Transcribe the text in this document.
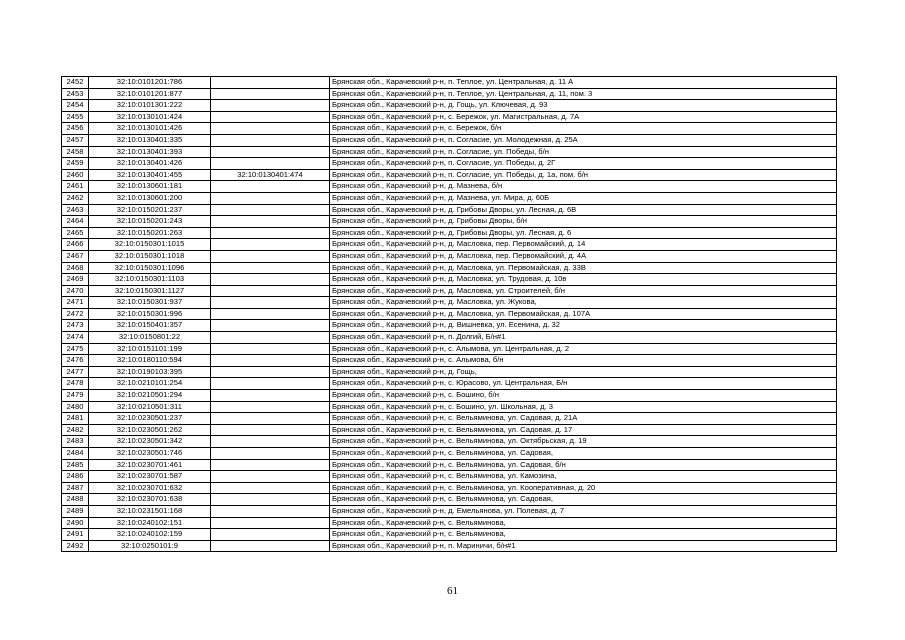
2452	32:10:0101201:786		Брянская обл., Карачевский р-н, п. Теплое, ул. Центральная, д. 11 А
2453	32:10:0101201:877		Брянская обл., Карачевский р-н, п. Теплое, ул. Центральная, д. 11, пом. 3
2454	32:10:0101301:222		Брянская обл., Карачевский р-н, д. Гощь, ул. Ключевая, д. 93
2455	32:10:0130101:424		Брянская обл., Карачевский р-н, с. Бережок, ул. Магистральная, д. 7А
2456	32:10:0130101:426		Брянская обл., Карачевский р-н, с. Бережок, б/н
2457	32:10:0130401:335		Брянская обл., Карачевский р-н, п. Согласие, ул. Молодежная, д. 25А
2458	32:10:0130401:393		Брянская обл., Карачевский р-н, п. Согласие, ул. Победы, б/н
2459	32:10:0130401:426		Брянская обл., Карачевский р-н, п. Согласие, ул. Победы, д. 2Г
2460	32:10:0130401:455	32:10:0130401:474	Брянская обл., Карачевский р-н, п. Согласие, ул. Победы, д. 1а, пом. б/н
2461	32:10:0130601:181		Брянская обл., Карачевский р-н, д. Мазнева, б/н
2462	32:10:0130601:200		Брянская обл., Карачевский р-н, д. Мазнева, ул. Мира, д. 60Б
2463	32:10:0150201:237		Брянская обл., Карачевский р-н, д. Грибовы Дворы, ул. Лесная, д. 6В
2464	32:10:0150201:243		Брянская обл., Карачевский р-н, д. Грибовы Дворы, б/н
2465	32:10:0150201:263		Брянская обл., Карачевский р-н, д. Грибовы Дворы, ул. Лесная, д. 6
2466	32:10:0150301:1015		Брянская обл., Карачевский р-н, д. Масловка, пер. Первомайский, д. 14
2467	32:10:0150301:1018		Брянская обл., Карачевский р-н, д. Масловка, пер. Первомайский, д. 4А
2468	32:10:0150301:1096		Брянская обл., Карачевский р-н, д. Масловка, ул. Первомайская, д. 33В
2469	32:10:0150301:1103		Брянская обл., Карачевский р-н, д. Масловка, ул. Трудовая, д. 10в
2470	32:10:0150301:1127		Брянская обл., Карачевский р-н, д. Масловка, ул. Строителей, б/н
2471	32:10:0150301:937		Брянская обл., Карачевский р-н, д. Масловка, ул. Жукова,
2472	32:10:0150301:996		Брянская обл., Карачевский р-н, д. Масловка, ул. Первомайская, д. 107А
2473	32:10:0150401:357		Брянская обл., Карачевский р-н, д. Вишневка, ул. Есенина, д. 32
2474	32:10:0150801:22		Брянская обл., Карачевский р-н, п. Долгий, Б/н#1
2475	32:10:0151101:199		Брянская обл., Карачевский р-н, с. Алымова, ул. Центральная, д. 2
2476	32:10:0180110:594		Брянская обл., Карачевский р-н, с. Алымова, б/н
2477	32:10:0190103:395		Брянская обл., Карачевский р-н, д. Гощь,
2478	32:10:0210101:254		Брянская обл., Карачевский р-н, с. Юрасово, ул. Центральная, Б/н
2479	32:10:0210501:294		Брянская обл., Карачевский р-н, с. Бошино, б/н
2480	32:10:0210501:311		Брянская обл., Карачевский р-н, с. Бошино, ул. Школьная, д. 3
2481	32:10:0230501:237		Брянская обл., Карачевский р-н, с. Вельяминова, ул. Садовая, д. 21А
2482	32:10:0230501:262		Брянская обл., Карачевский р-н, с. Вельяминова, ул. Садовая, д. 17
2483	32:10:0230501:342		Брянская обл., Карачевский р-н, с. Вельяминова, ул. Октябрьская, д. 19
2484	32:10:0230501:746		Брянская обл., Карачевский р-н, с. Вельяминова, ул. Садовая,
2485	32:10:0230701:461		Брянская обл., Карачевский р-н, с. Вельяминова, ул. Садовая, б/н
2486	32:10:0230701:587		Брянская обл., Карачевский р-н, с. Вельяминова, ул. Камозина,
2487	32:10:0230701:632		Брянская обл., Карачевский р-н, с. Вельяминова, ул. Кооперативная, д. 20
2488	32:10:0230701:638		Брянская обл., Карачевский р-н, с. Вельяминова, ул. Садовая,
2489	32:10:0231501:168		Брянская обл., Карачевский р-н, д. Емельянова, ул. Полевая, д. 7
2490	32:10:0240102:151		Брянская обл., Карачевский р-н, с. Вельяминова,
2491	32:10:0240102:159		Брянская обл., Карачевский р-н, с. Вельяминова,
2492	32:10:0250101:9		Брянская обл., Карачевский р-н, п. Мариничи, б/н#1
61
